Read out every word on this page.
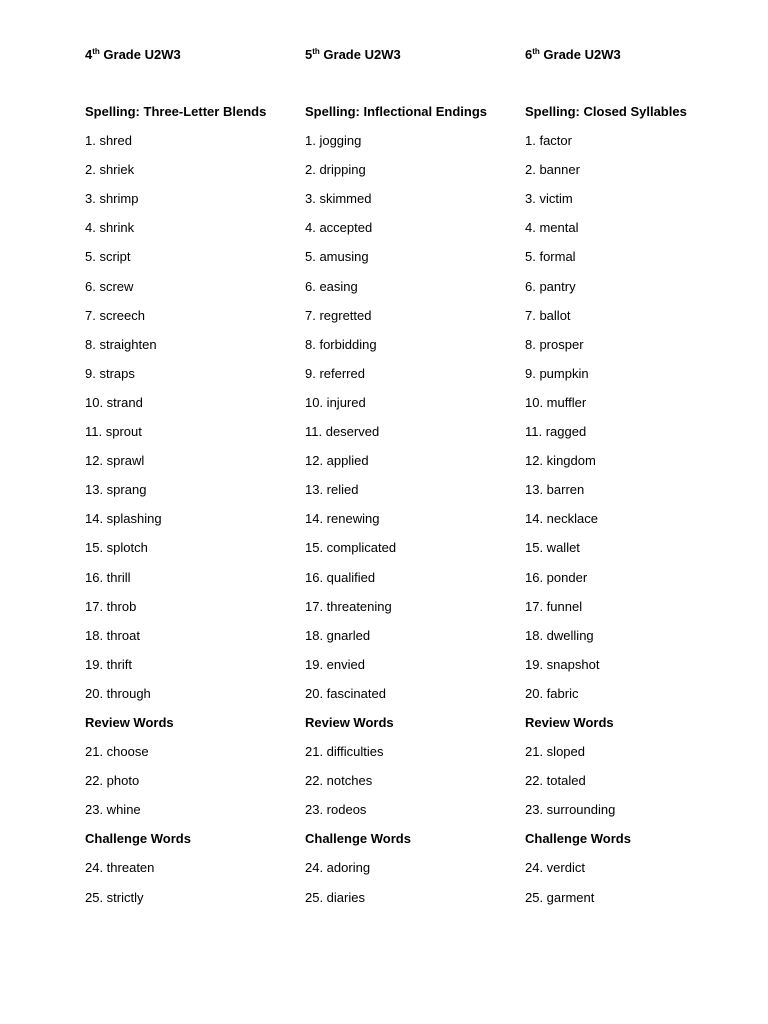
4th Grade U2W3
Spelling: Three-Letter Blends
1. shred
2. shriek
3. shrimp
4. shrink
5. script
6. screw
7. screech
8. straighten
9. straps
10. strand
11. sprout
12. sprawl
13. sprang
14. splashing
15. splotch
16. thrill
17. throb
18. throat
19. thrift
20. through
Review Words
21. choose
22. photo
23. whine
Challenge Words
24. threaten
25. strictly
5th Grade U2W3
Spelling: Inflectional Endings
1. jogging
2. dripping
3. skimmed
4. accepted
5. amusing
6. easing
7. regretted
8. forbidding
9. referred
10. injured
11. deserved
12. applied
13. relied
14. renewing
15. complicated
16. qualified
17. threatening
18. gnarled
19. envied
20. fascinated
Review Words
21. difficulties
22. notches
23. rodeos
Challenge Words
24. adoring
25. diaries
6th Grade U2W3
Spelling: Closed Syllables
1. factor
2. banner
3. victim
4. mental
5. formal
6. pantry
7. ballot
8. prosper
9. pumpkin
10. muffler
11. ragged
12. kingdom
13. barren
14. necklace
15. wallet
16. ponder
17. funnel
18. dwelling
19. snapshot
20. fabric
Review Words
21. sloped
22. totaled
23. surrounding
Challenge Words
24. verdict
25. garment
